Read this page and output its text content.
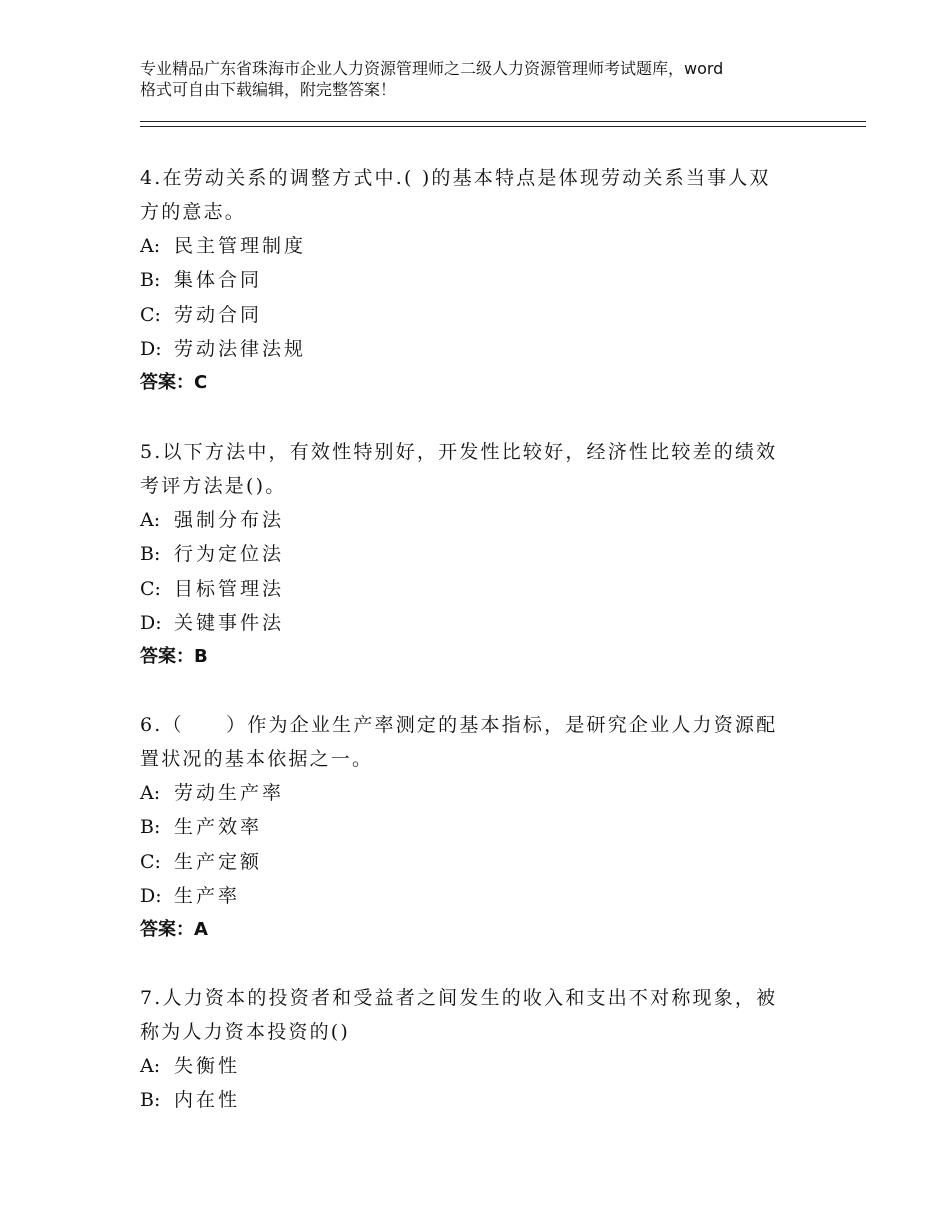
专业精品广东省珠海市企业人力资源管理师之二级人力资源管理师考试题库，word
格式可自由下载编辑，附完整答案！
4.在劳动关系的调整方式中.( )的基本特点是体现劳动关系当事人双
方的意志。
A: 民主管理制度
B: 集体合同
C: 劳动合同
D: 劳动法律法规
答案：C
5.以下方法中，有效性特别好，开发性比较好，经济性比较差的绩效
考评方法是()。
A: 强制分布法
B: 行为定位法
C: 目标管理法
D: 关键事件法
答案：B
6.（　　）作为企业生产率测定的基本指标，是研究企业人力资源配
置状况的基本依据之一。
A: 劳动生产率
B: 生产效率
C: 生产定额
D: 生产率
答案：A
7.人力资本的投资者和受益者之间发生的收入和支出不对称现象，被
称为人力资本投资的()
A: 失衡性
B: 内在性
